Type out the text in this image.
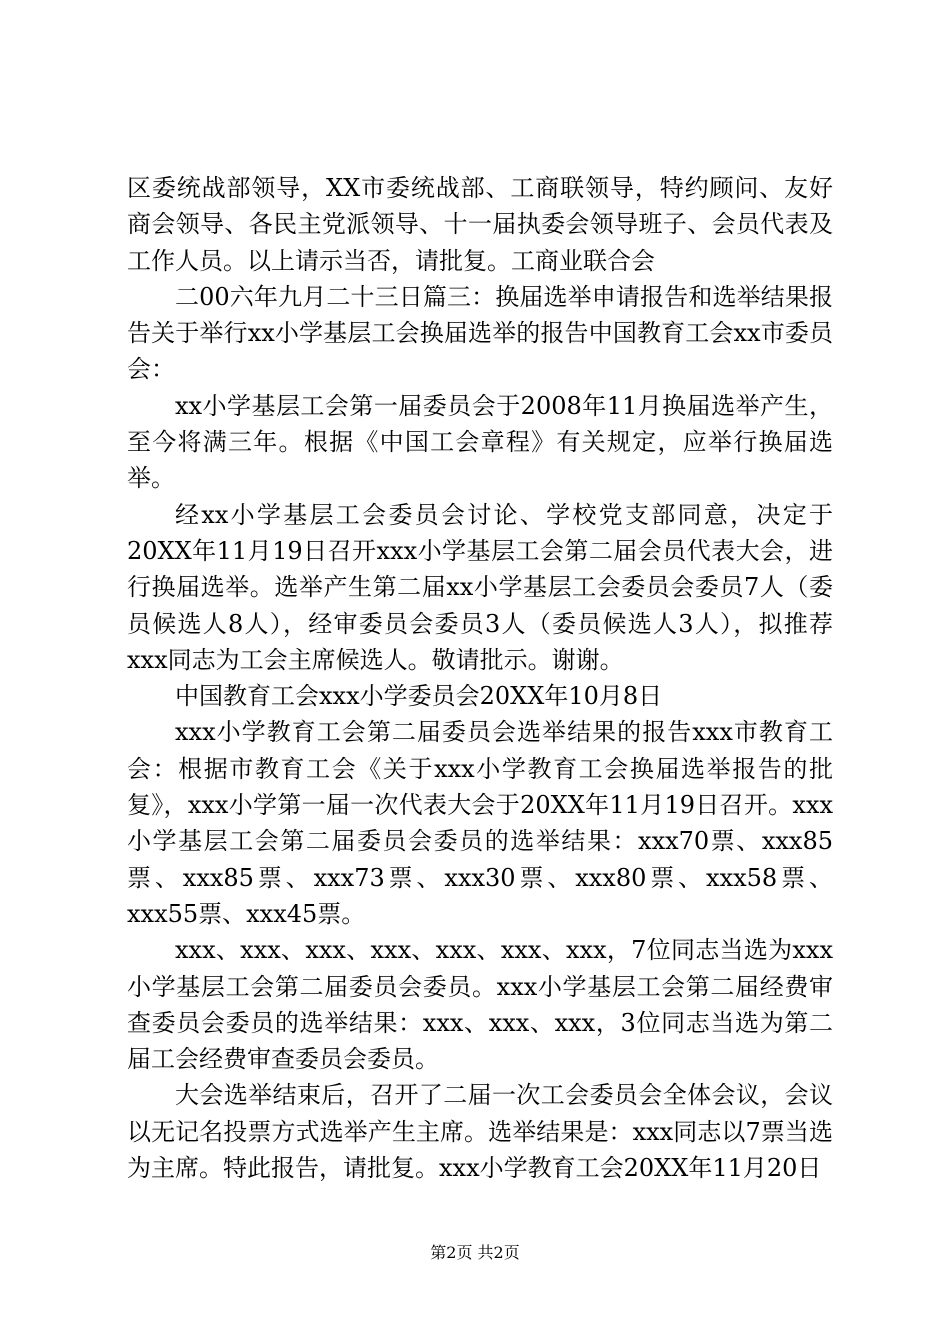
区委统战部领导，XX市委统战部、工商联领导，特约顾问、友好商会领导、各民主党派领导、十一届执委会领导班子、会员代表及工作人员。以上请示当否，请批复。工商业联合会

二00六年九月二十三日篇三：换届选举申请报告和选举结果报告关于举行xx小学基层工会换届选举的报告中国教育工会xx市委员会：

xx小学基层工会第一届委员会于2008年11月换届选举产生，至今将满三年。根据《中国工会章程》有关规定，应举行换届选举。

经xx小学基层工会委员会讨论、学校党支部同意，决定于20XX年11月19日召开xxx小学基层工会第二届会员代表大会，进行换届选举。选举产生第二届xx小学基层工会委员会委员7人（委员候选人8人），经审委员会委员3人（委员候选人3人），拟推荐xxx同志为工会主席候选人。敬请批示。谢谢。

中国教育工会xxx小学委员会20XX年10月8日

xxx小学教育工会第二届委员会选举结果的报告xxx市教育工会：根据市教育工会《关于xxx小学教育工会换届选举报告的批复》，xxx小学第一届一次代表大会于20XX年11月19日召开。xxx小学基层工会第二届委员会委员的选举结果：xxx70票、xxx85票、xxx85票、xxx73票、xxx30票、xxx80票、xxx58票、xxx55票、xxx45票。

xxx、xxx、xxx、xxx、xxx、xxx、xxx，7位同志当选为xxx小学基层工会第二届委员会委员。xxx小学基层工会第二届经费审查委员会委员的选举结果：xxx、xxx、xxx，3位同志当选为第二届工会经费审查委员会委员。

大会选举结束后，召开了二届一次工会委员会全体会议，会议以无记名投票方式选举产生主席。选举结果是：xxx同志以7票当选为主席。特此报告，请批复。xxx小学教育工会20XX年11月20日

第2页 共2页
